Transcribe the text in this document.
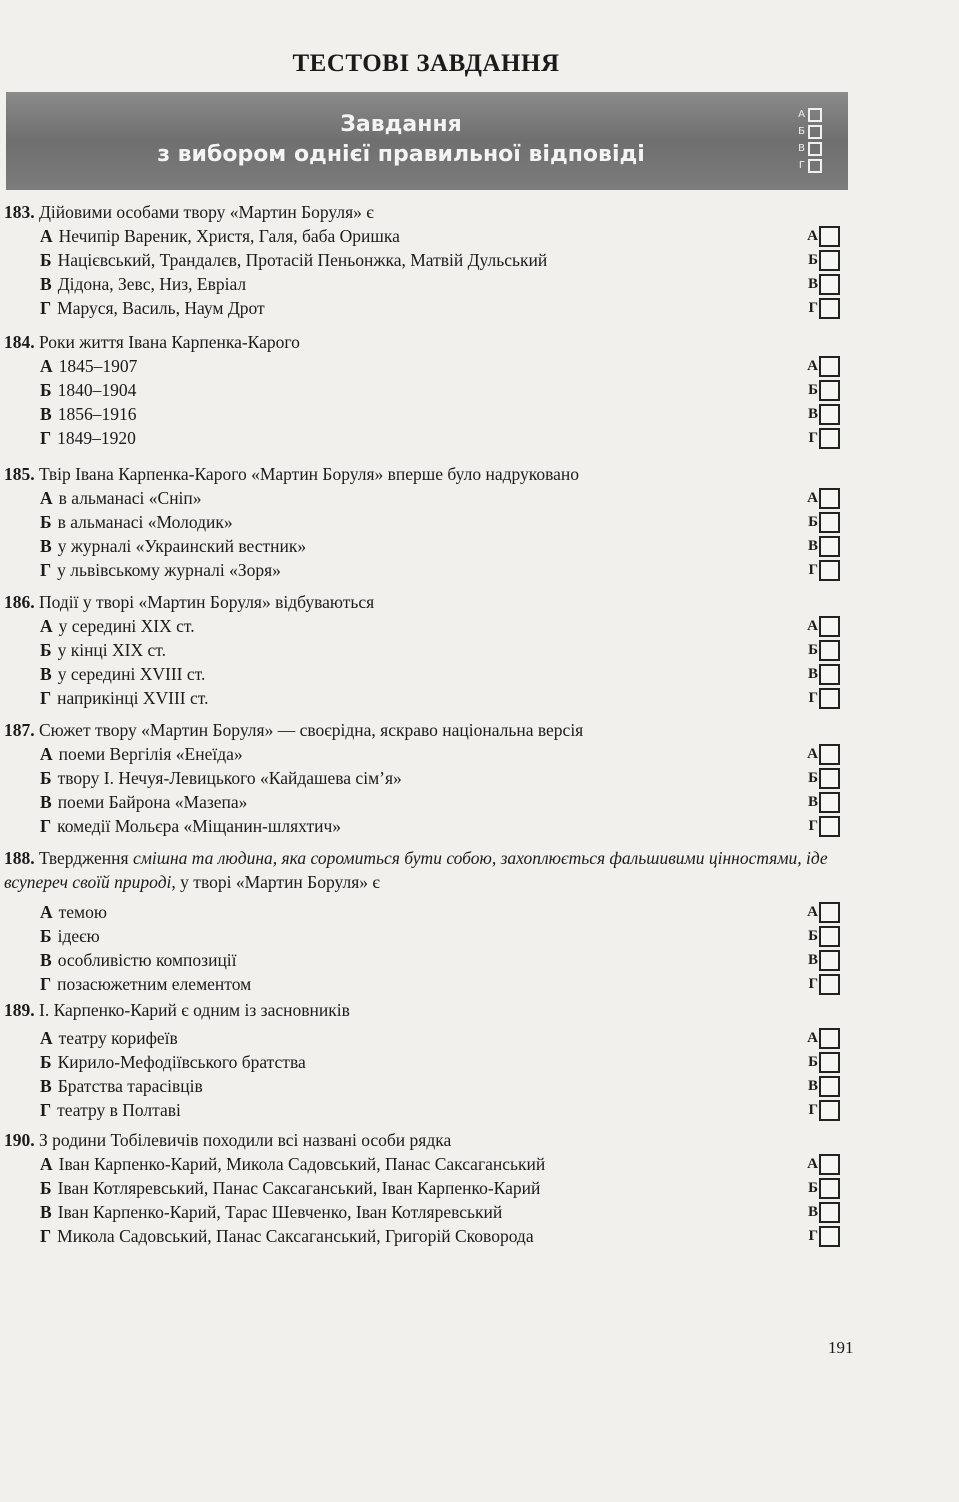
ТЕСТОВІ ЗАВДАННЯ
Завдання
з вибором однієї правильної відповіді
А
Б
В
Г
183. Дійовими особами твору «Мартин Боруля» є
А Нечипір Вареник, Христя, Галя, баба Оришка	А
Б Націєвський, Трандалєв, Протасій Пеньонжка, Матвій Дульський	Б
В Дідона, Зевс, Низ, Евріал	В
Г Маруся, Василь, Наум Дрот	Г
184. Роки життя Івана Карпенка-Карого
А 1845–1907	А
Б 1840–1904	Б
В 1856–1916	В
Г 1849–1920	Г
185. Твір Івана Карпенка-Карого «Мартин Боруля» вперше було надруковано
А в альманасі «Сніп»	А
Б в альманасі «Молодик»	Б
В у журналі «Украинский вестник»	В
Г у львівському журналі «Зоря»	Г
186. Події у творі «Мартин Боруля» відбуваються
А у середині XIX ст.	А
Б у кінці XIX ст.	Б
В у середині XVIII ст.	В
Г наприкінці XVIII ст.	Г
187. Сюжет твору «Мартин Боруля» — своєрідна, яскраво національна версія
А поеми Вергілія «Енеїда»	А
Б твору І. Нечуя-Левицького «Кайдашева сім’я»	Б
В поеми Байрона «Мазепа»	В
Г комедії Мольєра «Міщанин-шляхтич»	Г
188. Твердження смішна та людина, яка соромиться бути собою, захоплюється фальшивими цінностями, іде всупереч своїй природі, у творі «Мартин Боруля» є
А темою	А
Б ідеєю	Б
В особливістю композиції	В
Г позасюжетним елементом	Г
189. І. Карпенко-Карий є одним із засновників
А театру корифеїв	А
Б Кирило-Мефодіївського братства	Б
В Братства тарасівців	В
Г театру в Полтаві	Г
190. З родини Тобілевичів походили всі названі особи рядка
А Іван Карпенко-Карий, Микола Садовський, Панас Саксаганський	А
Б Іван Котляревський, Панас Саксаганський, Іван Карпенко-Карий	Б
В Іван Карпенко-Карий, Тарас Шевченко, Іван Котляревський	В
Г Микола Садовський, Панас Саксаганський, Григорій Сковорода	Г
191
